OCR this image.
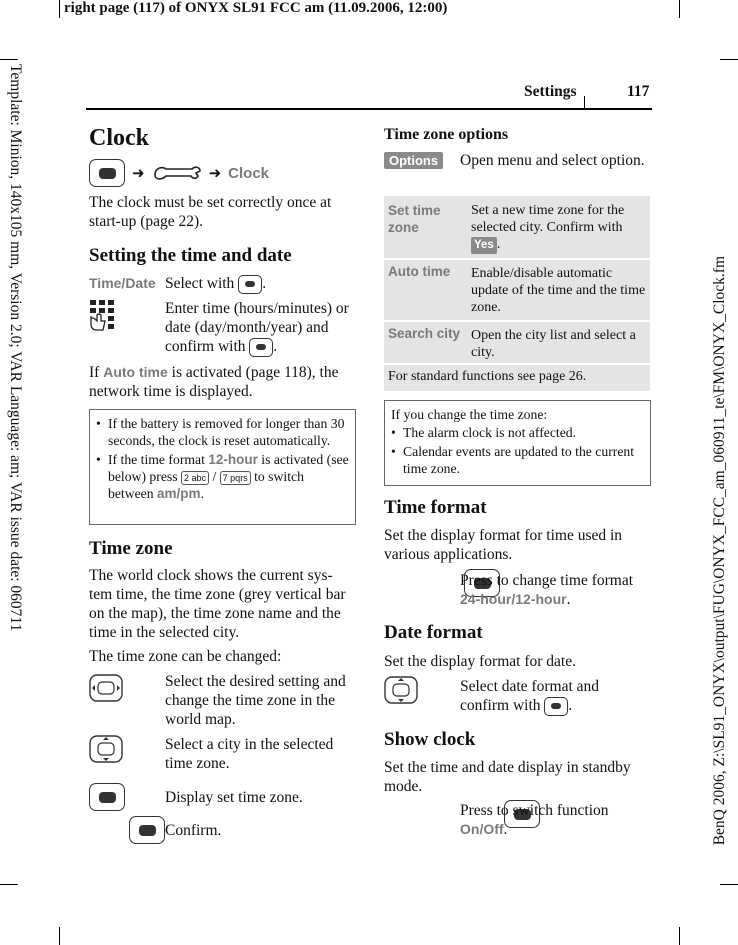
right page (117) of ONYX SL91 FCC am (11.09.2006, 12:00)
Template: Minion, 140x105 mm, Version 2.0; VAR Language: am; VAR issue date: 060711	BenQ 2006, Z:\SL91_ONYX\output\FUG\ONYX_FCC_am_060911_te\FM\ONYX_Clock.fm
Settings	117
Clock
➜	➜ Clock
The clock must be set correctly once at start-up (page 22).
Setting the time and date
Time/Date Select with .
Enter time (hours/minutes) or date (day/month/year) and confirm with .
If Auto time is activated (page 118), the network time is displayed.
• If the battery is removed for longer than 30 seconds, the clock is reset automatically.
• If the time format 12-hour is activated (see below) press 2 abc / 7 pqrs to switch between am/pm.
Time zone
The world clock shows the current sys-tem time, the time zone (grey vertical bar on the map), the time zone name and the time in the selected city.
The time zone can be changed:
Select the desired setting and change the time zone in the world map.
Select a city in the selected time zone.

Display set time zone.

Confirm.
Time zone options
Options	Open menu and select option.
Set time zone
Set a new time zone for the selected city. Confirm with Yes .
Auto time Enable/disable automatic update of the time and the time zone.
Search city Open the city list and select a city.
For standard functions see page 26.
If you change the time zone:
• The alarm clock is not affected.
• Calendar events are updated to the current time zone.
Time format
Set the display format for time used in various applications.

Press to change time format 24-hour/12-hour.
Date format
Set the display format for date.
Select date format and confirm with .
Show clock
Set the time and date display in standby mode.
Press to switch function On/Off.
